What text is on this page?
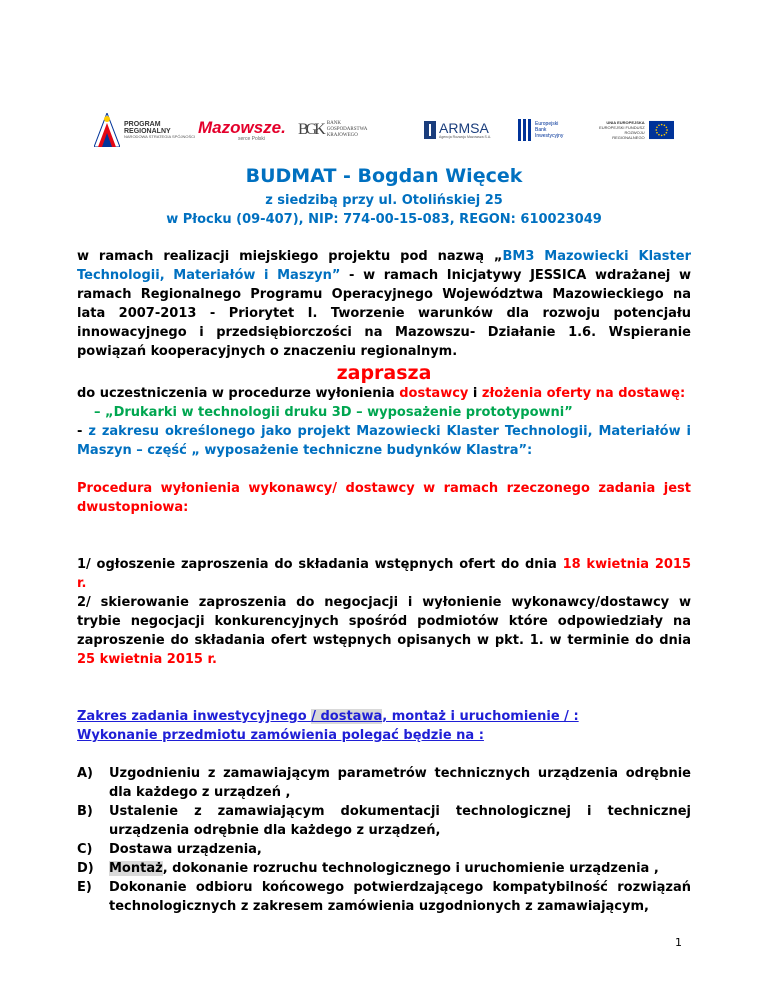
PROGRAM
REGIONALNY
NARODOWA STRATEGIA SPÓJNOŚCI Mazowsze.
serce Polski
BGK BANK
GOSPODARSTWA
KRAJOWEGO	ARMSA
Agencja Rozwoju Mazowsza S.A.
Europejski
Bank
Inwestycyjny
UNIA EUROPEJSKA
EUROPEJSKI FUNDUSZ
ROZWOJU REGIONALNEGO
BUDMAT - Bogdan Więcek
z siedzibą przy ul. Otolińskiej 25
w Płocku (09-407), NIP: 774-00-15-083, REGON: 610023049

w ramach realizacji miejskiego projektu pod nazwą „BM3 Mazowiecki Klaster Technologii, Materiałów i Maszyn” - w ramach Inicjatywy JESSICA wdrażanej w ramach Regionalnego Programu Operacyjnego Województwa Mazowieckiego na lata 2007-2013 - Priorytet I. Tworzenie warunków dla rozwoju potencjału innowacyjnego i przedsiębiorczości na Mazowszu- Działanie 1.6. Wspieranie powiązań kooperacyjnych o znaczeniu regionalnym.

zaprasza

do uczestniczenia w procedurze wyłonienia dostawcy i złożenia oferty na dostawę:

– „Drukarki w technologii druku 3D – wyposażenie prototypowni”

- z zakresu określonego jako projekt Mazowiecki Klaster Technologii, Materiałów i Maszyn – część „ wyposażenie techniczne budynków Klastra”:

Procedura wyłonienia wykonawcy/ dostawcy w ramach rzeczonego zadania jest dwustopniowa:

1/ ogłoszenie zaproszenia do składania wstępnych ofert do dnia 18 kwietnia 2015 r.

2/ skierowanie zaproszenia do negocjacji i wyłonienie wykonawcy/dostawcy w trybie negocjacji konkurencyjnych spośród podmiotów które odpowiedziały na zaproszenie do składania ofert wstępnych opisanych w pkt. 1. w terminie do dnia 25 kwietnia 2015 r.

Zakres zadania inwestycyjnego / dostawa, montaż i uruchomienie / :

Wykonanie przedmiotu zamówienia polegać będzie na :

A) Uzgodnieniu z zamawiającym parametrów technicznych urządzenia odrębnie dla każdego z urządzeń ,
B) Ustalenie z zamawiającym dokumentacji technologicznej i technicznej urządzenia odrębnie dla każdego z urządzeń,
C) Dostawa urządzenia,
D) Montaż, dokonanie rozruchu technologicznego i uruchomienie urządzenia ,
E) Dokonanie odbioru końcowego potwierdzającego kompatybilność rozwiązań technologicznych z zakresem zamówienia uzgodnionych z zamawiającym,
1
